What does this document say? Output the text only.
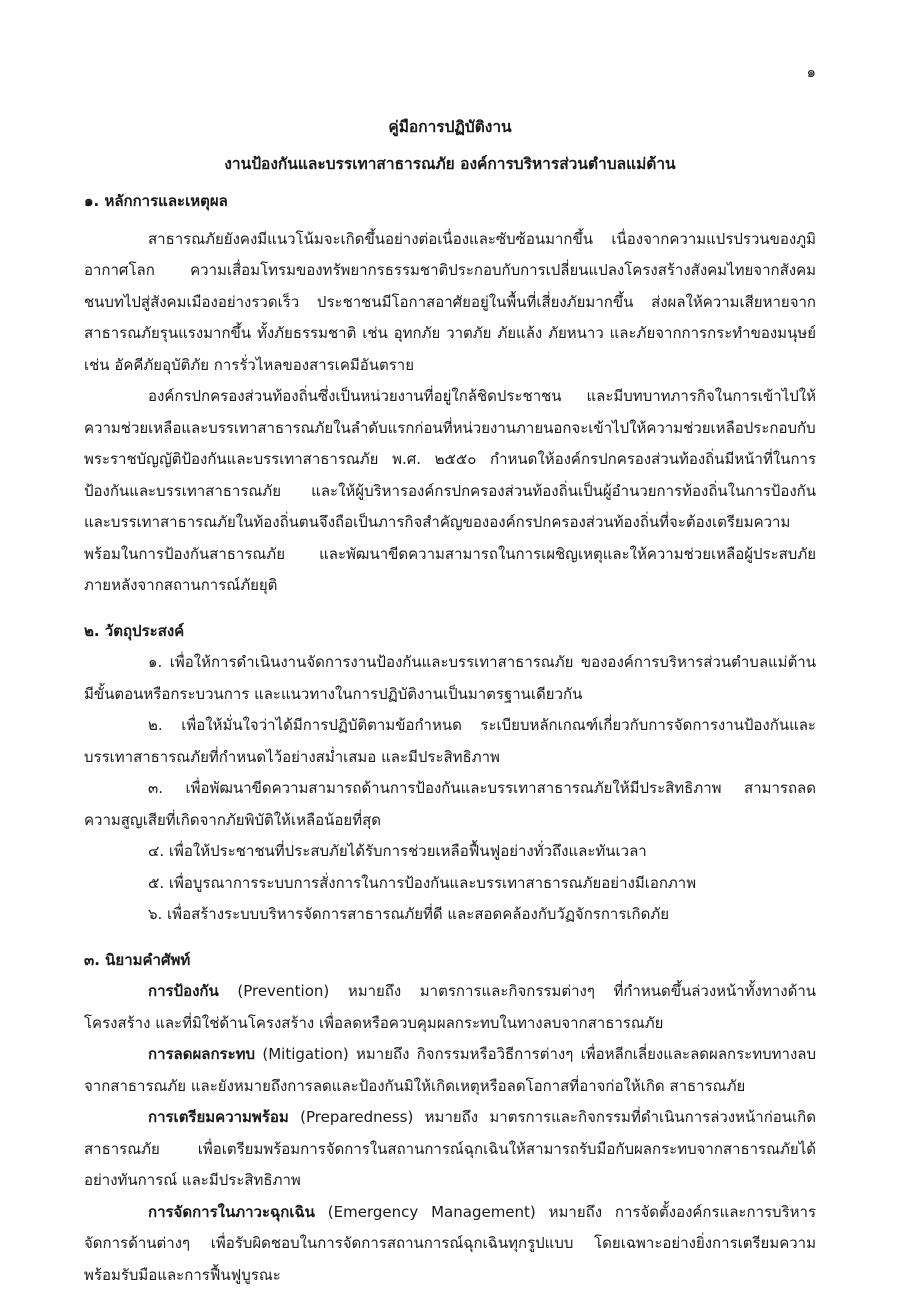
๑

คู่มือการปฏิบัติงาน

งานป้องกันและบรรเทาสาธารณภัย องค์การบริหารส่วนตำบลแม่ต้าน

๑. หลักการและเหตุผล

สาธารณภัยยังคงมีแนวโน้มจะเกิดขึ้นอย่างต่อเนื่องและซับซ้อนมากขึ้น เนื่องจากความแปรปรวนของภูมิอากาศโลก ความเสื่อมโทรมของทรัพยากรธรรมชาติประกอบกับการเปลี่ยนแปลงโครงสร้างสังคมไทยจากสังคมชนบทไปสู่สังคมเมืองอย่างรวดเร็ว ประชาชนมีโอกาสอาศัยอยู่ในพื้นที่เสี่ยงภัยมากขึ้น ส่งผลให้ความเสียหายจากสาธารณภัยรุนแรงมากขึ้น ทั้งภัยธรรมชาติ เช่น อุทกภัย วาตภัย ภัยแล้ง ภัยหนาว และภัยจากการกระทำของมนุษย์ เช่น อัคคีภัยอุบัติภัย การรั่วไหลของสารเคมีอันตราย

องค์กรปกครองส่วนท้องถิ่นซึ่งเป็นหน่วยงานที่อยู่ใกล้ชิดประชาชน และมีบทบาทภารกิจในการเข้าไปให้ความช่วยเหลือและบรรเทาสาธารณภัยในลำดับแรกก่อนที่หน่วยงานภายนอกจะเข้าไปให้ความช่วยเหลือประกอบกับพระราชบัญญัติป้องกันและบรรเทาสาธารณภัย พ.ศ. ๒๕๕๐ กำหนดให้องค์กรปกครองส่วนท้องถิ่นมีหน้าที่ในการป้องกันและบรรเทาสาธารณภัย และให้ผู้บริหารองค์กรปกครองส่วนท้องถิ่นเป็นผู้อำนวยการท้องถิ่นในการป้องกันและบรรเทาสาธารณภัยในท้องถิ่นตนจึงถือเป็นภารกิจสำคัญขององค์กรปกครองส่วนท้องถิ่นที่จะต้องเตรียมความพร้อมในการป้องกันสาธารณภัย และพัฒนาขีดความสามารถในการเผชิญเหตุและให้ความช่วยเหลือผู้ประสบภัย ภายหลังจากสถานการณ์ภัยยุติ

๒. วัตถุประสงค์

๑. เพื่อให้การดำเนินงานจัดการงานป้องกันและบรรเทาสาธารณภัย ขององค์การบริหารส่วนตำบลแม่ต้านมีขั้นตอนหรือกระบวนการ และแนวทางในการปฏิบัติงานเป็นมาตรฐานเดียวกัน

๒. เพื่อให้มั่นใจว่าได้มีการปฏิบัติตามข้อกำหนด ระเบียบหลักเกณฑ์เกี่ยวกับการจัดการงานป้องกันและบรรเทาสาธารณภัยที่กำหนดไว้อย่างสม่ำเสมอ และมีประสิทธิภาพ

๓. เพื่อพัฒนาขีดความสามารถด้านการป้องกันและบรรเทาสาธารณภัยให้มีประสิทธิภาพ สามารถลดความสูญเสียที่เกิดจากภัยพิบัติให้เหลือน้อยที่สุด

๔. เพื่อให้ประชาชนที่ประสบภัยได้รับการช่วยเหลือฟื้นฟูอย่างทั่วถึงและทันเวลา

๕. เพื่อบูรณาการระบบการสั่งการในการป้องกันและบรรเทาสาธารณภัยอย่างมีเอกภาพ

๖. เพื่อสร้างระบบบริหารจัดการสาธารณภัยที่ดี และสอดคล้องกับวัฏจักรการเกิดภัย

๓. นิยามคำศัพท์

การป้องกัน (Prevention) หมายถึง มาตรการและกิจกรรมต่างๆ ที่กำหนดขึ้นล่วงหน้าทั้งทางด้านโครงสร้าง และที่มิใช่ด้านโครงสร้าง เพื่อลดหรือควบคุมผลกระทบในทางลบจากสาธารณภัย

การลดผลกระทบ (Mitigation) หมายถึง กิจกรรมหรือวิธีการต่างๆ เพื่อหลีกเลี่ยงและลดผลกระทบทางลบจากสาธารณภัย และยังหมายถึงการลดและป้องกันมิให้เกิดเหตุหรือลดโอกาสที่อาจก่อให้เกิด สาธารณภัย

การเตรียมความพร้อม (Preparedness) หมายถึง มาตรการและกิจกรรมที่ดำเนินการล่วงหน้าก่อนเกิดสาธารณภัย เพื่อเตรียมพร้อมการจัดการในสถานการณ์ฉุกเฉินให้สามารถรับมือกับผลกระทบจากสาธารณภัยได้อย่างทันการณ์ และมีประสิทธิภาพ

การจัดการในภาวะฉุกเฉิน (Emergency Management) หมายถึง การจัดตั้งองค์กรและการบริหารจัดการด้านต่างๆ เพื่อรับผิดชอบในการจัดการสถานการณ์ฉุกเฉินทุกรูปแบบ โดยเฉพาะอย่างยิ่งการเตรียมความพร้อมรับมือและการฟื้นฟูบูรณะ
